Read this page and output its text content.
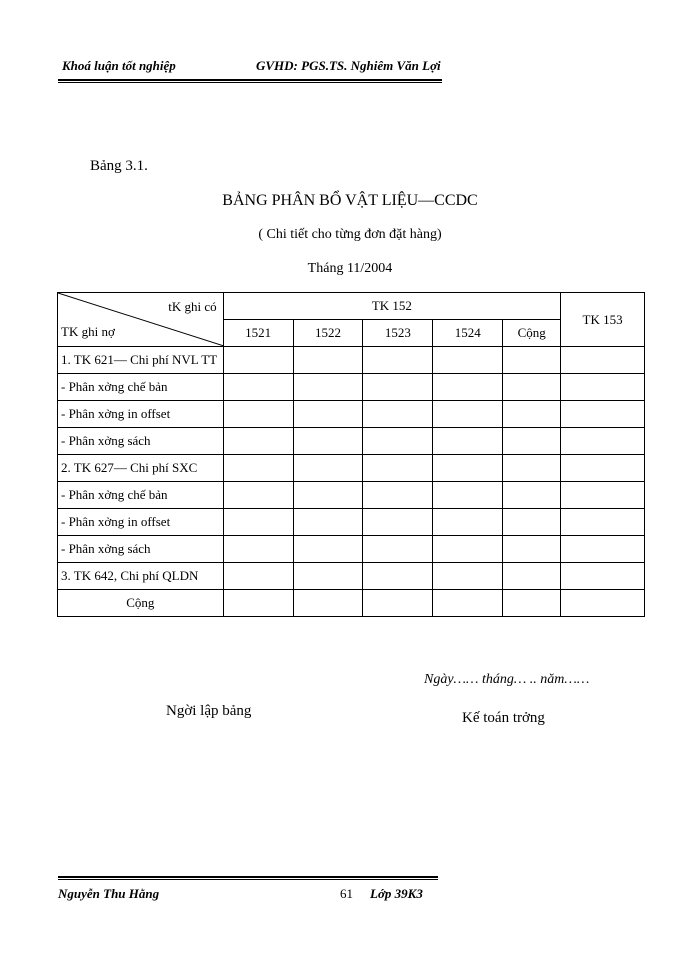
Khoá luận tốt nghiệp	GVHD: PGS.TS. Nghiêm Văn Lợi
Bảng 3.1.
BẢNG PHÂN BỔ VẬT LIỆU—CCDC
( Chi tiết cho từng đơn đặt hàng)
Tháng 11/2004
tK ghi có
TK ghi nợ	TK 152					TK 153
	1521	1522	1523	1524	Cộng	
1. TK 621— Chi phí NVL TT						
- Phân xởng chế bản						
- Phân xởng in offset						
- Phân xởng sách						
2. TK 627— Chi phí SXC						
- Phân xởng chế bản						
- Phân xởng in offset						
- Phân xởng sách						
3. TK 642, Chi phí QLDN						
Cộng						
Ngày…… tháng… .. năm……
Ngời lập bảng	Kế toán trởng
Nguyễn Thu Hằng	61 Lớp 39K3
